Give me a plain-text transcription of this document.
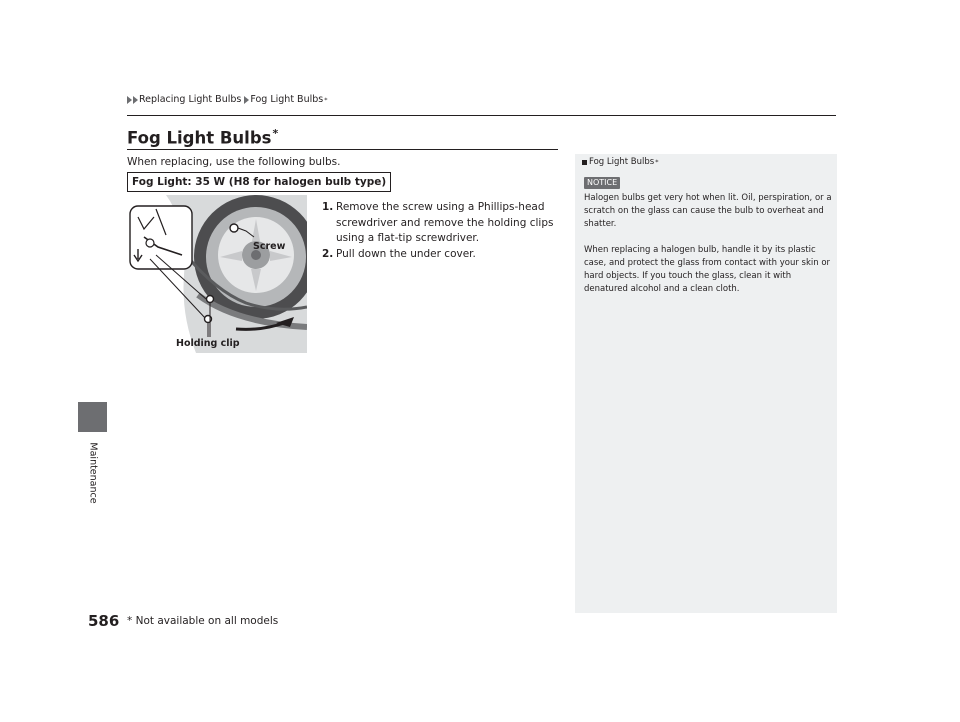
Replacing Light Bulbs Fog Light Bulbs *
Fog Light Bulbs*
When replacing, use the following bulbs.
Fog Light: 35 W (H8 for halogen bulb type)
Screw
Holding clip
1. Remove the screw using a Phillips-head screwdriver and remove the holding clips using a flat-tip screwdriver.
2. Pull down the under cover.
Fog Light Bulbs *
NOTICE

Halogen bulbs get very hot when lit. Oil, perspiration, or a scratch on the glass can cause the bulb to overheat and shatter.

When replacing a halogen bulb, handle it by its plastic case, and protect the glass from contact with your skin or hard objects. If you touch the glass, clean it with denatured alcohol and a clean cloth.

Maintenance
586 * Not available on all models
